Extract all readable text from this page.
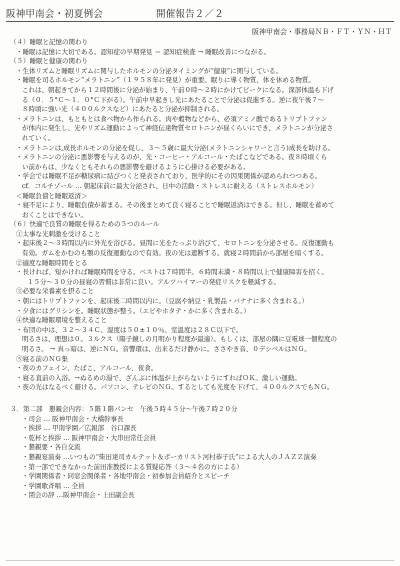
阪神甲南会・初夏例会	開催報告２／２
阪神甲南会・事務局ＮＢ・ＦＴ・ＹＮ・ＨＴ
（４）睡眠と記憶の関わり
・睡眠は記憶に大切である。認知症の早期発見 ＝ 認知症検査 → 睡眠改善につながる。
（５）睡眠と健康の関わり
・生体リズムと睡眠リズムに関与したホルモンの分泌タイミングが“健康”に関与している。
・睡眠を司るホルモン“メラトニン”（１９５８年に発見）が重要。眠りに導く物質、体を休める物質。
これは、朝起きてから１２時間後に分泌が始まり、午前０時～２時にかけてピークになる。深部体温も下げ
る（０．５°Ｃ～１．０°Ｃ下がる）。午前中早起きし光にあたることで分泌は促進する。逆に夜午後７～
８時頃に強い光（４００ルクスなど）にあたると分泌が抑制される。
・メラトニンは、もともとは食べ物から作られる。肉や穀物などから、必須アミノ酸であるトリプトファン
が体内に発生し、光やリズム運動によって神経伝達物質セロトニンが昼くらいにでき、メラトニンが分泌さ
れていく。
・メラトニンは,成長ホルモンの分泌を促し、３～５歳に最大分泌(メラトニンシャワーと言う)成長を助ける。
・メラトニンの分泌に悪影響を与えるのが、光・コーヒー・アルコール・たばこなどである。夜８時頃くら
い前からは、少なくともそれらの悪影響を避けるように心掛ける必要がある。
・学会では睡眠不足が糖尿病に結びつくと発表されており、医学的にその因果関係が認められつつある。
cf．コルチゾール … 朝起床前に最大分泌され、日中の活動・ストレスに耐える（ストレスホルモン）
＜睡眠負債と睡眠返済＞
・寝不足により、睡眠負債が蓄まる。その後まとめて良く寝ることで睡眠返済はできる。但し、睡眠を蓄めて
おくことはできない。
（６）快適で良質の睡眠を得るための５つのルール
①太事な光刺激を受けること
・起床後２～３時間以内に外光を浴びる。昼間に光をたっぷり浴びて、セロトニンを分泌させる。反復運動も
有効。ガムをかむのも顎の反復運動なので有効。夜の光は遮断する。就寝２時間前から部屋を暗くする。
②適度な睡眠時間をとる
・長ければ、短かければ睡眠時間を守る。ベストは７時間半。６時間未満・８時間以上で健康障害を招く。
１５分～３０分の昼寝の習慣は非常に良い。アルツハイマーの発症リスクを軽減する。
③必要な栄養素を摂ること
・朝にはトリプトファンを、起床後二時間以内に。（豆腐や納豆・乳製品・バナナに多く含まれる。）
・夕食にはグリシンを。睡眠状態が整う。（エビやホタテ・かに多く含まれる。）
④快適な睡眠環境を整えること
・布団の中は、３２～３４Ｃ、湿度は５０±１０％、室温度は２８Ｃ以下で。
明るさは、理想は０。３ルクス（陽子鏡しの月明かり程度が最適）。もしくは、部屋の隅に豆電球一個程度の
明るさ。 → 真っ暗は、逆にＮＧ。音響環は、出来るだけ静かに。ささやき音、０デシベルはＮＧ。
⑤寝る前のＮＧ集
・夜のカフェイン、たばこ、アルコール、夜食。
・寝る直前の入浴。→ぬるめの湯で、ざんぶに体温が上がらないようにすればＯＫ。激しい運動。
・夜の光はなるべく避ける。パソコン、テレビのＮＧ。するとしても光度を下げて、４００ルクスでもＮＧ。
３．第二部　懇親会内容：５階１階パンセ　午後５時４５分～午後７時２０分
・司会 … 阪神甲南会・大橋幹事長
・挨拶 … 甲南学園／広報部　谷口課長
・乾杯と挨拶 … 阪神甲南会・大串田常任会員
・懇親要・各自交流
・懇親宴演奏 …いつもの“柴田達司カルテット＆ボーカリスト河村恭子氏”による大人のＪＡＺＺ演奏
・第一部でできなかった前田准教授による質疑応答（３～４名の方による）
・学園関係者・同窓会関係者・各地甲南会・初参加会員紹介とスピーチ
・学園歌斉唱 … 全員
・閉会の辞 …阪神甲南会・上田副会長
